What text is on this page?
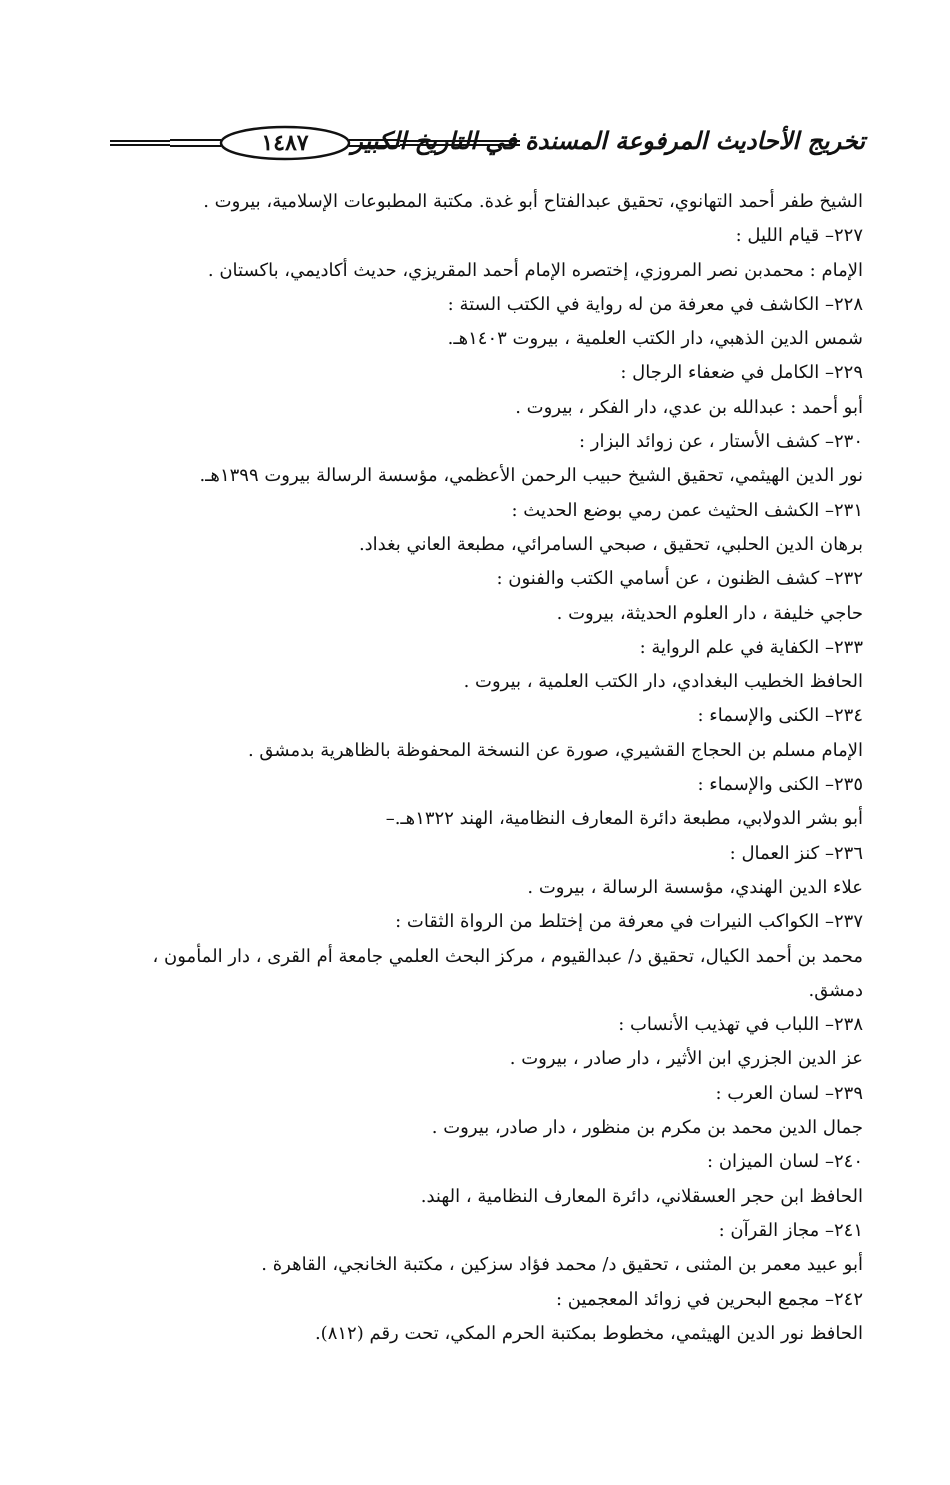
١٤٨٧	تخريج الأحاديث المرفوعة المسندة في التاريخ الكبير
الشيخ طفر أحمد التهانوي، تحقيق عبدالفتاح أبو غدة. مكتبة المطبوعات الإسلامية، بيروت .
٢٢٧– قيام الليل :
الإمام : محمدبن نصر المروزي، إختصره الإمام أحمد المقريزي، حديث أكاديمي، باكستان .
٢٢٨– الكاشف في معرفة من له رواية في الكتب الستة :
شمس الدين الذهبي، دار الكتب العلمية ، بيروت ١٤٠٣هـ.
٢٢٩– الكامل في ضعفاء الرجال :
أبو أحمد : عبدالله بن عدي، دار الفكر ، بيروت .
٢٣٠– كشف الأستار ، عن زوائد البزار :
نور الدين الهيثمي، تحقيق الشيخ حبيب الرحمن الأعظمي، مؤسسة الرسالة بيروت ١٣٩٩هـ.
٢٣١– الكشف الحثيث عمن رمي بوضع الحديث :
برهان الدين الحلبي، تحقيق ، صبحي السامرائي، مطبعة العاني بغداد.
٢٣٢– كشف الظنون ، عن أسامي الكتب والفنون :
حاجي خليفة ، دار العلوم الحديثة، بيروت .
٢٣٣– الكفاية في علم الرواية :
الحافظ الخطيب البغدادي، دار الكتب العلمية ، بيروت .
٢٣٤– الكنى والإسماء :
الإمام مسلم بن الحجاج القشيري، صورة عن النسخة المحفوظة بالظاهرية بدمشق .
٢٣٥– الكنى والإسماء :
أبو بشر الدولابي، مطبعة دائرة المعارف النظامية، الهند ١٣٢٢هـ.–
٢٣٦– كنز العمال :
علاء الدين الهندي، مؤسسة الرسالة ، بيروت .
٢٣٧– الكواكب النيرات في معرفة من إختلط من الرواة الثقات :
محمد بن أحمد الكيال، تحقيق د/ عبدالقيوم ، مركز البحث العلمي جامعة أم القرى ، دار المأمون ،
دمشق.
٢٣٨– اللباب في تهذيب الأنساب :
عز الدين الجزري ابن الأثير ، دار صادر ، بيروت .
٢٣٩– لسان العرب :
جمال الدين محمد بن مكرم بن منظور ، دار صادر، بيروت .
٢٤٠– لسان الميزان :
الحافظ ابن حجر العسقلاني، دائرة المعارف النظامية ، الهند.
٢٤١– مجاز القرآن :
أبو عبيد معمر بن المثنى ، تحقيق د/ محمد فؤاد سزكين ، مكتبة الخانجي، القاهرة .
٢٤٢– مجمع البحرين في زوائد المعجمين :
الحافظ نور الدين الهيثمي، مخطوط بمكتبة الحرم المكي، تحت رقم (٨١٢).
